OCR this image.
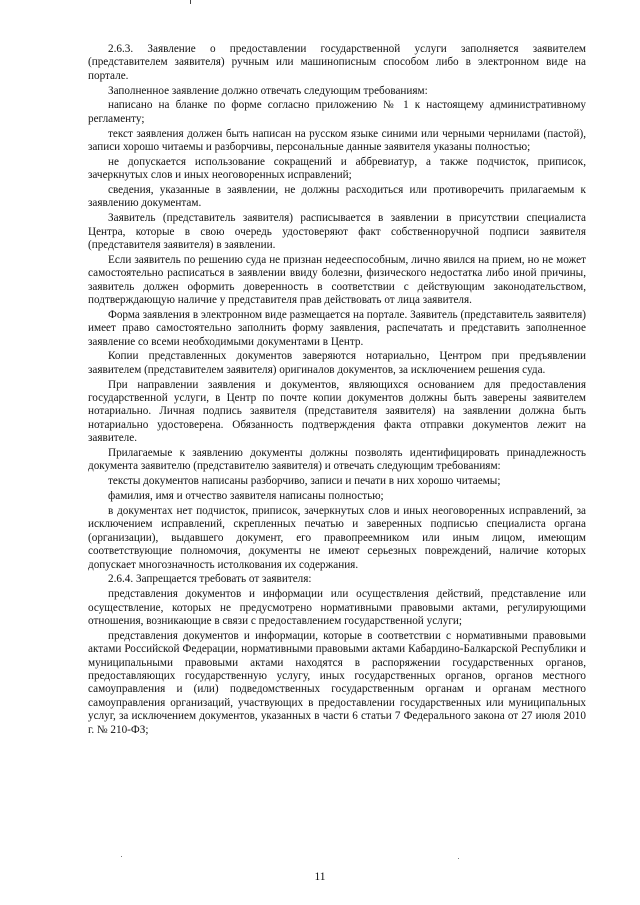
2.6.3. Заявление о предоставлении государственной услуги заполняется заявителем (представителем заявителя) ручным или машинописным способом либо в электронном виде на портале.

Заполненное заявление должно отвечать следующим требованиям:

написано на бланке по форме согласно приложению № 1 к настоящему административному регламенту;

текст заявления должен быть написан на русском языке синими или черными чернилами (пастой), записи хорошо читаемы и разборчивы, персональные данные заявителя указаны полностью;

не допускается использование сокращений и аббревиатур, а также подчисток, приписок, зачеркнутых слов и иных неоговоренных исправлений;

сведения, указанные в заявлении, не должны расходиться или противоречить прилагаемым к заявлению документам.

Заявитель (представитель заявителя) расписывается в заявлении в присутствии специалиста Центра, которые в свою очередь удостоверяют факт собственноручной подписи заявителя (представителя заявителя) в заявлении.

Если заявитель по решению суда не признан недееспособным, лично явился на прием, но не может самостоятельно расписаться в заявлении ввиду болезни, физического недостатка либо иной причины, заявитель должен оформить доверенность в соответствии с действующим законодательством, подтверждающую наличие у представителя прав действовать от лица заявителя.

Форма заявления в электронном виде размещается на портале. Заявитель (представитель заявителя) имеет право самостоятельно заполнить форму заявления, распечатать и представить заполненное заявление со всеми необходимыми документами в Центр.

Копии представленных документов заверяются нотариально, Центром при предъявлении заявителем (представителем заявителя) оригиналов документов, за исключением решения суда.

При направлении заявления и документов, являющихся основанием для предоставления государственной услуги, в Центр по почте копии документов должны быть заверены заявителем нотариально. Личная подпись заявителя (представителя заявителя) на заявлении должна быть нотариально удостоверена. Обязанность подтверждения факта отправки документов лежит на заявителе.

Прилагаемые к заявлению документы должны позволять идентифицировать принадлежность документа заявителю (представителю заявителя) и отвечать следующим требованиям:

тексты документов написаны разборчиво, записи и печати в них хорошо читаемы;

фамилия, имя и отчество заявителя написаны полностью;

в документах нет подчисток, приписок, зачеркнутых слов и иных неоговоренных исправлений, за исключением исправлений, скрепленных печатью и заверенных подписью специалиста органа (организации), выдавшего документ, его правопреемником или иным лицом, имеющим соответствующие полномочия, документы не имеют серьезных повреждений, наличие которых допускает многозначность истолкования их содержания.

2.6.4. Запрещается требовать от заявителя:

представления документов и информации или осуществления действий, представление или осуществление, которых не предусмотрено нормативными правовыми актами, регулирующими отношения, возникающие в связи с предоставлением государственной услуги;

представления документов и информации, которые в соответствии с нормативными правовыми актами Российской Федерации, нормативными правовыми актами Кабардино-Балкарской Республики и муниципальными правовыми актами находятся в распоряжении государственных органов, предоставляющих государственную услугу, иных государственных органов, органов местного самоуправления и (или) подведомственных государственным органам и органам местного самоуправления организаций, участвующих в предоставлении государственных или муниципальных услуг, за исключением документов, указанных в части 6 статьи 7 Федерального закона от 27 июля 2010 г. № 210-ФЗ;

11
